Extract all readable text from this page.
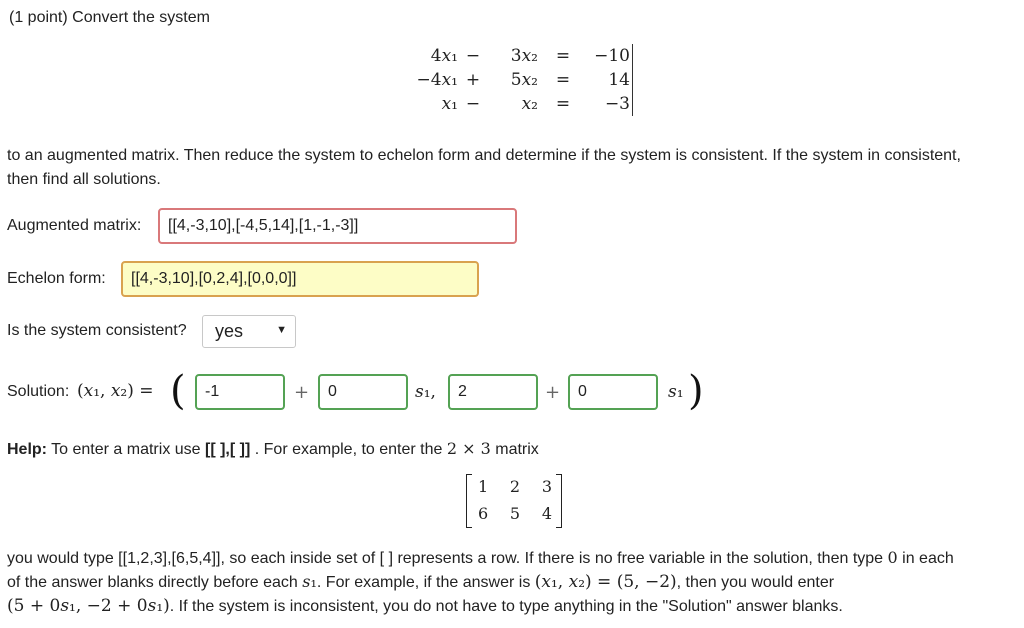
(1 point) Convert the system
4𝑥₁	−	3𝑥₂	=	−10
−4𝑥₁	+	5𝑥₂	=	14
𝑥₁	−	𝑥₂	=	−3
to an augmented matrix. Then reduce the system to echelon form and determine if the system is consistent. If the system in consistent,
then find all solutions.
Augmented matrix:	[[4,-3,10],[-4,5,14],[1,-1,-3]]
Echelon form:	[[4,-3,10],[0,2,4],[0,0,0]]
Is the system consistent? yes	▼
Solution: (𝑥₁, 𝑥₂) = (	-1	+	0	𝑠₁,	2	+	0	𝑠₁ )
Help: To enter a matrix use [[ ],[ ]] . For example, to enter the 2 × 3 matrix
1 2 3
6 5 4
you would type [[1,2,3],[6,5,4]], so each inside set of [ ] represents a row. If there is no free variable in the solution, then type 0 in each
of the answer blanks directly before each 𝑠₁. For example, if the answer is (𝑥₁, 𝑥₂) = (5, −2), then you would enter
(5 + 0𝑠₁, −2 + 0𝑠₁). If the system is inconsistent, you do not have to type anything in the "Solution" answer blanks.
